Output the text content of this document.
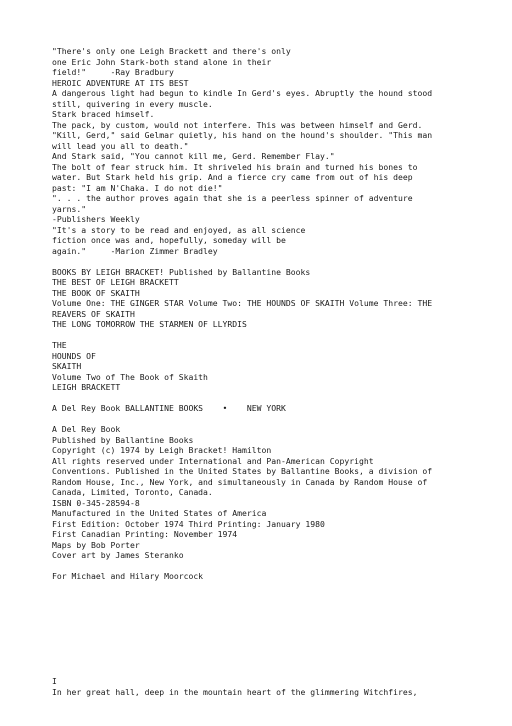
"There's only one Leigh Brackett and there's only
one Eric John Stark-both stand alone in their
field!"     -Ray Bradbury
HEROIC ADVENTURE AT ITS BEST
A dangerous light had begun to kindle In Gerd's eyes. Abruptly the hound stood
still, quivering in every muscle.
Stark braced himself.
The pack, by custom, would not interfere. This was between himself and Gerd.
"Kill, Gerd," said Gelmar quietly, his hand on the hound's shoulder. "This man
will lead you all to death."
And Stark said, "You cannot kill me, Gerd. Remember Flay."
The bolt of fear struck him. It shriveled his brain and turned his bones to
water. But Stark held his grip. And a fierce cry came from out of his deep
past: "I am N'Chaka. I do not die!"
". . . the author proves again that she is a peerless spinner of adventure
yarns."
-Publishers Weekly
"It's a story to be read and enjoyed, as all science
fiction once was and, hopefully, someday will be
again."     -Marion Zimmer Bradley
BOOKS BY LEIGH BRACKET! Published by Ballantine Books
THE BEST OF LEIGH BRACKETT
THE BOOK OF SKAITH
Volume One: THE GINGER STAR Volume Two: THE HOUNDS OF SKAITH Volume Three: THE
REAVERS OF SKAITH
THE LONG TOMORROW THE STARMEN OF LLYRDIS
THE
HOUNDS OF
SKAITH
Volume Two of The Book of Skaith
LEIGH BRACKETT
A Del Rey Book BALLANTINE BOOKS    •    NEW YORK
A Del Rey Book
Published by Ballantine Books
Copyright (c) 1974 by Leigh Bracket! Hamilton
All rights reserved under International and Pan-American Copyright
Conventions. Published in the United States by Ballantine Books, a division of
Random House, Inc., New York, and simultaneously in Canada by Random House of
Canada, Limited, Toronto, Canada.
ISBN 0-345-28594-8
Manufactured in the United States of America
First Edition: October 1974 Third Printing: January 1980
First Canadian Printing: November 1974
Maps by Bob Porter
Cover art by James Steranko
For Michael and Hilary Moorcock
I
In her great hall, deep in the mountain heart of the glimmering Witchfires,
